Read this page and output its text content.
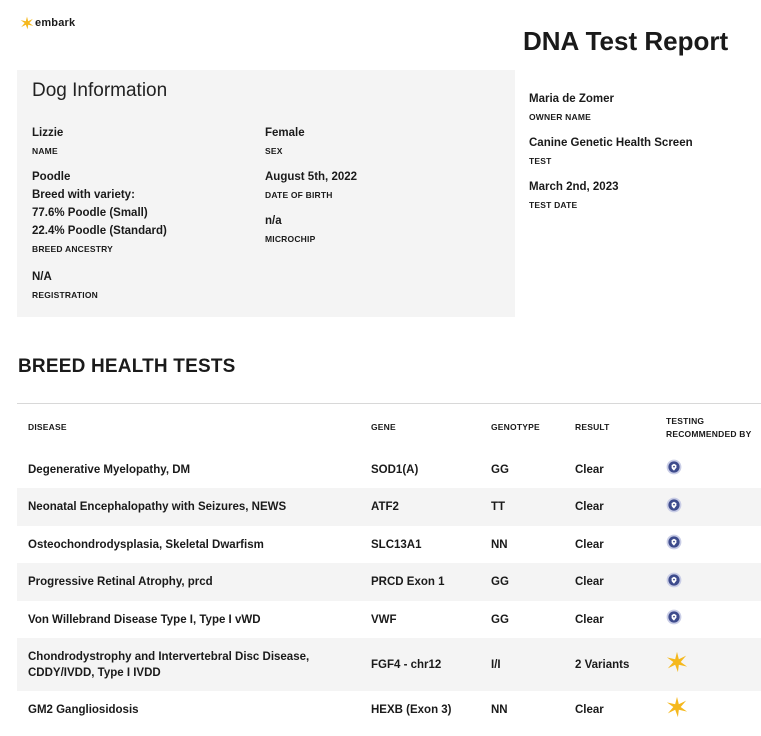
embark
DNA Test Report
Dog Information
Lizzie
NAME
Female
SEX
Poodle
Breed with variety:
77.6% Poodle (Small)
22.4% Poodle (Standard)
BREED ANCESTRY
August 5th, 2022
DATE OF BIRTH
n/a
MICROCHIP
N/A
REGISTRATION
Maria de Zomer
OWNER NAME
Canine Genetic Health Screen
TEST
March 2nd, 2023
TEST DATE
BREED HEALTH TESTS
DISEASE	GENE	GENOTYPE	RESULT	TESTING RECOMMENDED BY
Degenerative Myelopathy, DM	SOD1(A)	GG	Clear	
Neonatal Encephalopathy with Seizures, NEWS	ATF2	TT	Clear	
Osteochondrodysplasia, Skeletal Dwarfism	SLC13A1	NN	Clear	
Progressive Retinal Atrophy, prcd	PRCD Exon 1	GG	Clear	
Von Willebrand Disease Type I, Type I vWD	VWF	GG	Clear	
Chondrodystrophy and Intervertebral Disc Disease, CDDY/IVDD, Type I IVDD	FGF4 - chr12	I/I	2 Variants	
GM2 Gangliosidosis	HEXB (Exon 3)	NN	Clear	
